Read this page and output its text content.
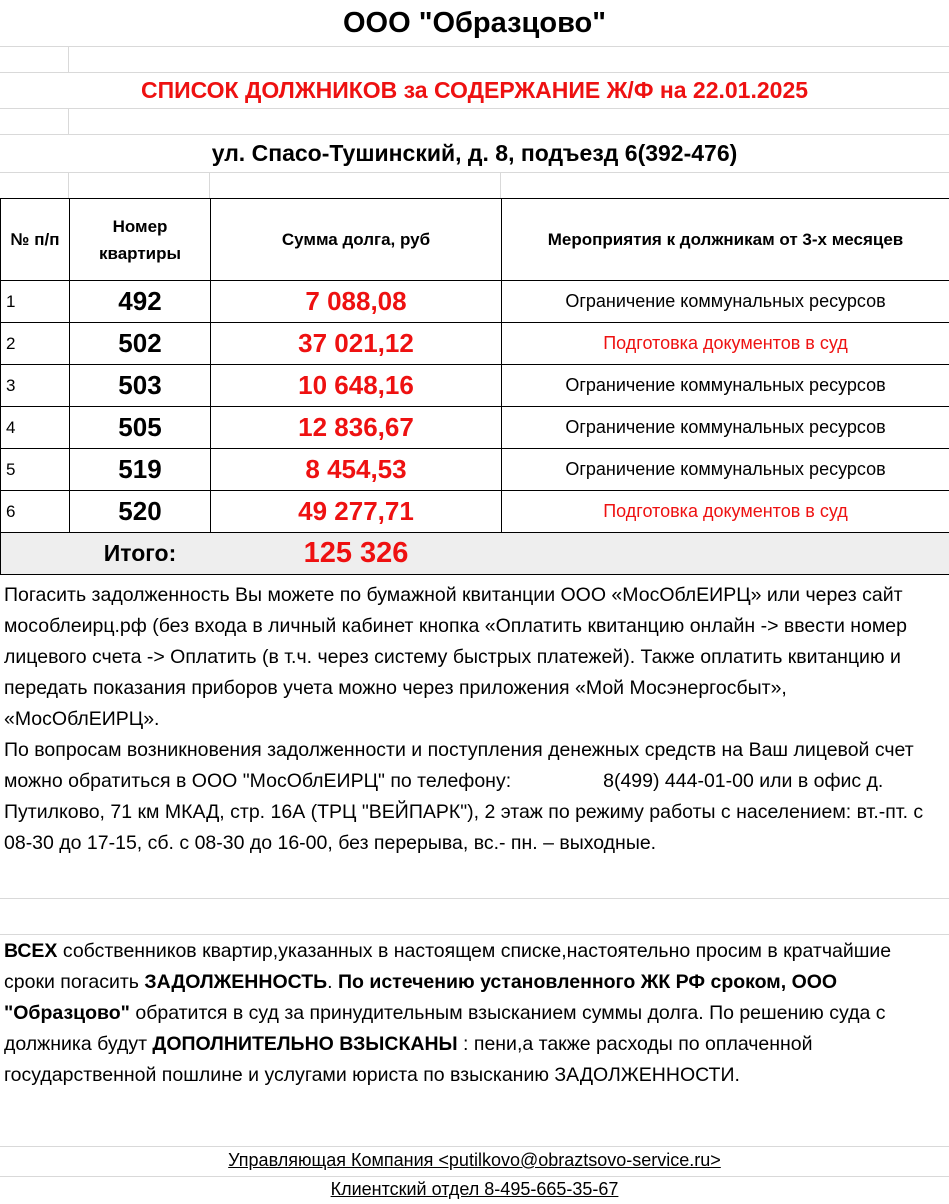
ООО "Образцово"
СПИСОК ДОЛЖНИКОВ за СОДЕРЖАНИЕ Ж/Ф на 22.01.2025
ул. Спасо-Тушинский, д. 8, подъезд 6(392-476)
№ п/п	Номер квартиры	Сумма долга, руб	Мероприятия к должникам от 3-х месяцев
1	492	7 088,08	Ограничение коммунальных ресурсов
2	502	37 021,12	Подготовка документов в суд
3	503	10 648,16	Ограничение коммунальных ресурсов
4	505	12 836,67	Ограничение коммунальных ресурсов
5	519	8 454,53	Ограничение коммунальных ресурсов
6	520	49 277,71	Подготовка документов в суд
	Итого:	125 326	
Погасить задолженность Вы можете по бумажной квитанции ООО «МосОблЕИРЦ» или через сайт мособлеирц.рф (без входа в личный кабинет кнопка «Оплатить квитанцию онлайн -> ввести номер лицевого счета -> Оплатить (в т.ч. через систему быстрых платежей). Также оплатить квитанцию и передать показания приборов учета можно через приложения «Мой Мосэнергосбыт», «МосОблЕИРЦ».
По вопросам возникновения задолженности и поступления денежных средств на Ваш лицевой счет можно обратиться в ООО "МосОблЕИРЦ" по телефону:	8(499) 444-01-00 или в офис д. Путилково, 71 км МКАД, стр. 16А (ТРЦ "ВЕЙПАРК"), 2 этаж по режиму работы с населением: вт.-пт. с 08-30 до 17-15, сб. с 08-30 до 16-00, без перерыва, вс.- пн. – выходные.
ВСЕХ собственников квартир,указанных в настоящем списке,настоятельно просим в кратчайшие сроки погасить ЗАДОЛЖЕННОСТЬ. По истечению установленного ЖК РФ сроком, ООО "Образцово" обратится в суд за принудительным взысканием суммы долга. По решению суда с должника будут ДОПОЛНИТЕЛЬНО ВЗЫСКАНЫ : пени,а также расходы по оплаченной государственной пошлине и услугами юриста по взысканию ЗАДОЛЖЕННОСТИ.
Управляющая Компания <putilkovo@obraztsovo-service.ru>
Клиентский отдел 8-495-665-35-67
